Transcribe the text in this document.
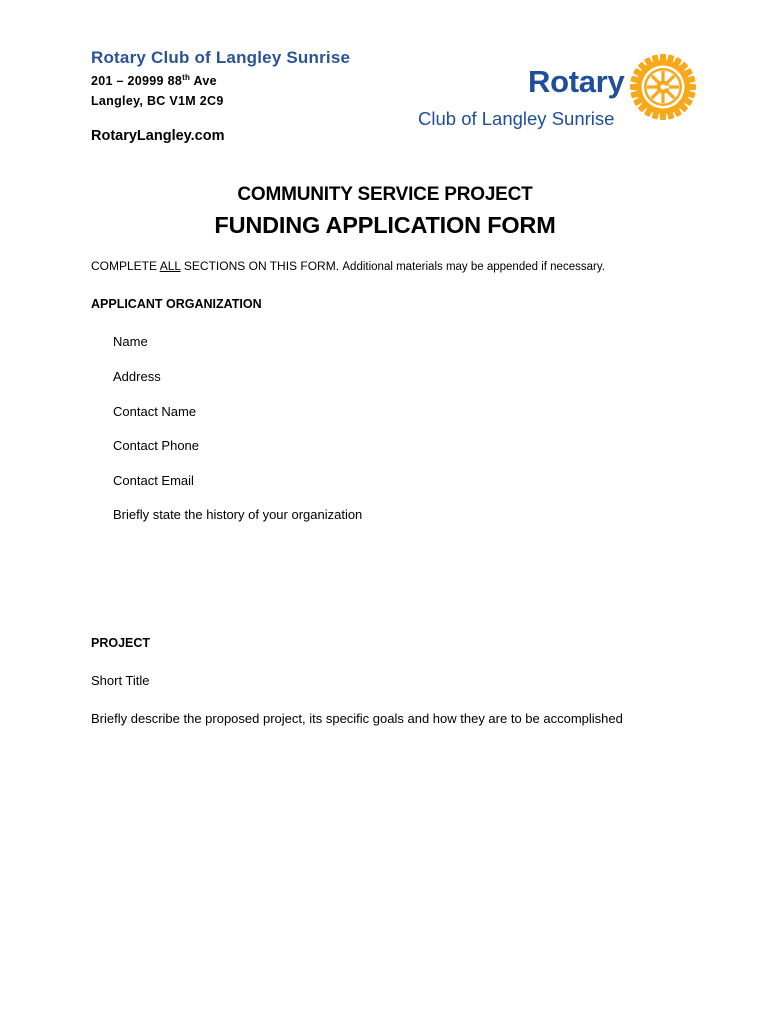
Rotary Club of Langley Sunrise
201 – 20999 88th Ave
Langley, BC V1M 2C9
RotaryLangley.com
Rotary
Club of Langley Sunrise
COMMUNITY SERVICE PROJECT
FUNDING APPLICATION FORM
COMPLETE ALL SECTIONS ON THIS FORM. Additional materials may be appended if necessary.
APPLICANT ORGANIZATION
Name
Address
Contact Name
Contact Phone
Contact Email
Briefly state the history of your organization
PROJECT
Short Title
Briefly describe the proposed project, its specific goals and how they are to be accomplished
